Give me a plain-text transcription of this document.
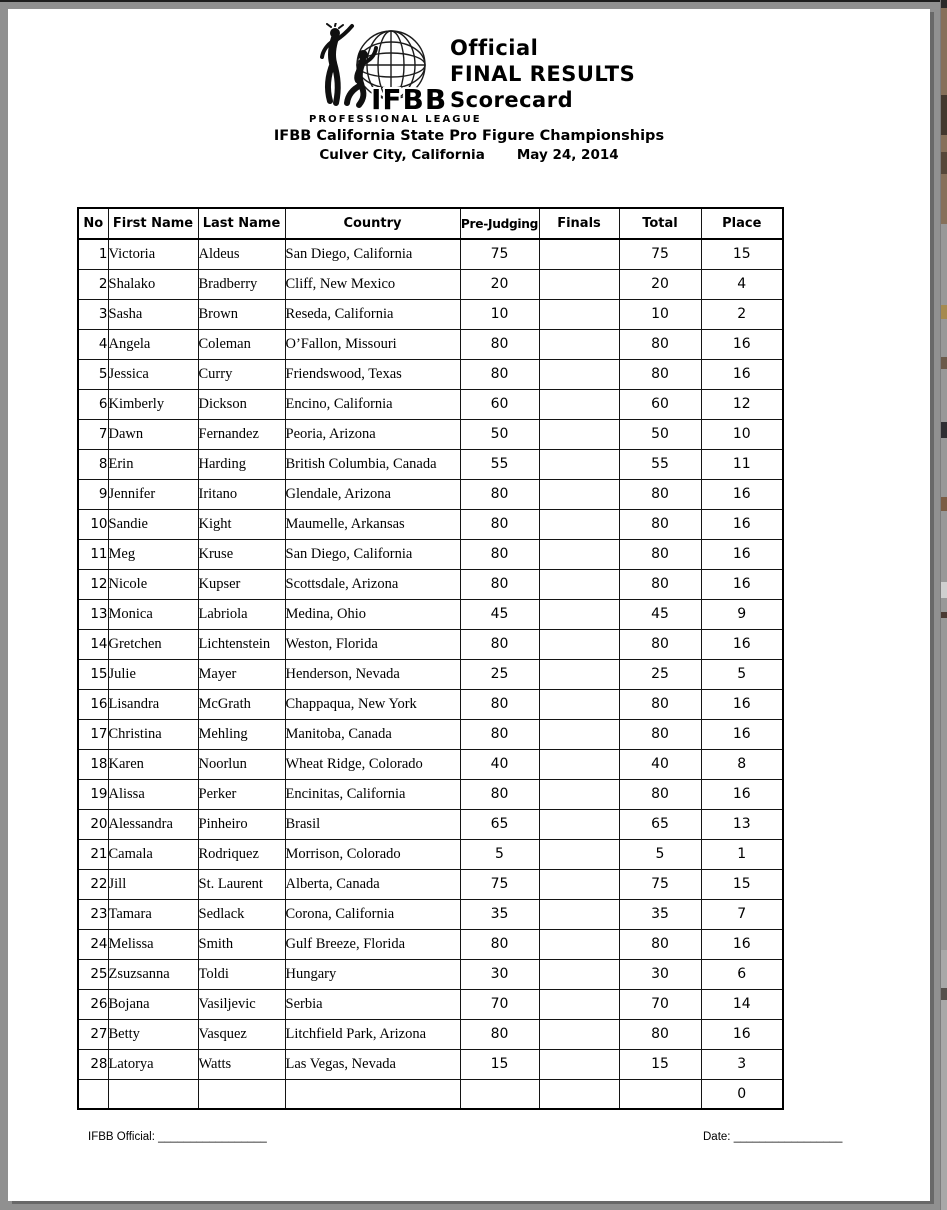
IFBB
PROFESSIONAL LEAGUE
Official
FINAL RESULTS
Scorecard
IFBB California State Pro Figure Championships
Culver City, California May 24, 2014
No	First Name	Last Name	Country	Pre-Judging	Finals	Total	Place
1	Victoria	Aldeus	San Diego, California	75		75	15
2	Shalako	Bradberry	Cliff, New Mexico	20		20	4
3	Sasha	Brown	Reseda, California	10		10	2
4	Angela	Coleman	O’Fallon, Missouri	80		80	16
5	Jessica	Curry	Friendswood, Texas	80		80	16
6	Kimberly	Dickson	Encino, California	60		60	12
7	Dawn	Fernandez	Peoria, Arizona	50		50	10
8	Erin	Harding	British Columbia, Canada	55		55	11
9	Jennifer	Iritano	Glendale, Arizona	80		80	16
10	Sandie	Kight	Maumelle, Arkansas	80		80	16
11	Meg	Kruse	San Diego, California	80		80	16
12	Nicole	Kupser	Scottsdale, Arizona	80		80	16
13	Monica	Labriola	Medina, Ohio	45		45	9
14	Gretchen	Lichtenstein	Weston, Florida	80		80	16
15	Julie	Mayer	Henderson, Nevada	25		25	5
16	Lisandra	McGrath	Chappaqua, New York	80		80	16
17	Christina	Mehling	Manitoba, Canada	80		80	16
18	Karen	Noorlun	Wheat Ridge, Colorado	40		40	8
19	Alissa	Perker	Encinitas, California	80		80	16
20	Alessandra	Pinheiro	Brasil	65		65	13
21	Camala	Rodriquez	Morrison, Colorado	5		5	1
22	Jill	St. Laurent	Alberta, Canada	75		75	15
23	Tamara	Sedlack	Corona, California	35		35	7
24	Melissa	Smith	Gulf Breeze, Florida	80		80	16
25	Zsuzsanna	Toldi	Hungary	30		30	6
26	Bojana	Vasiljevic	Serbia	70		70	14
27	Betty	Vasquez	Litchfield Park, Arizona	80		80	16
28	Latorya	Watts	Las Vegas, Nevada	15		15	3
							0
IFBB Official: _________________	Date: _________________
